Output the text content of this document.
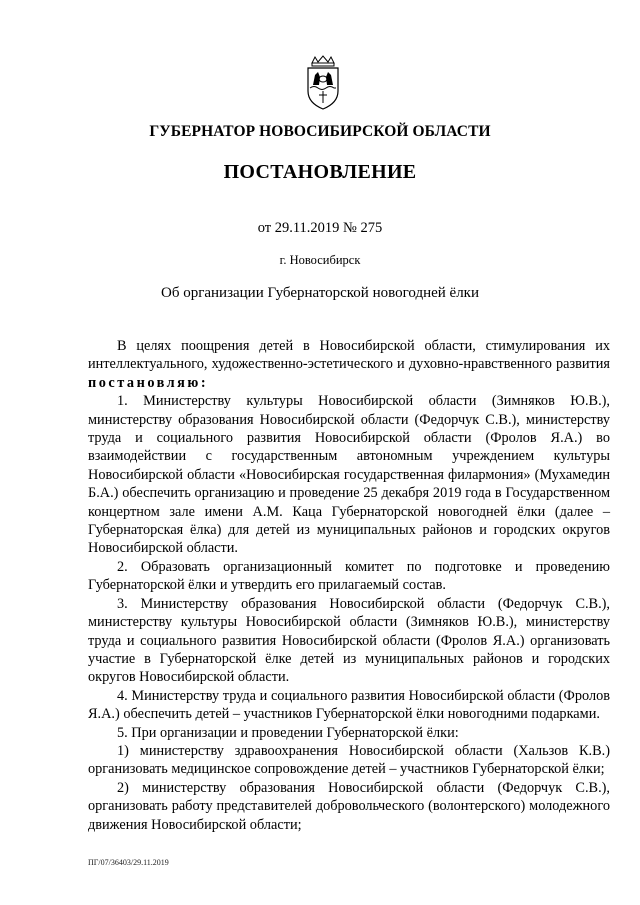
ГУБЕРНАТОР НОВОСИБИРСКОЙ ОБЛАСТИ
ПОСТАНОВЛЕНИЕ
от 29.11.2019 № 275
г. Новосибирск
Об организации Губернаторской новогодней ёлки

В целях поощрения детей в Новосибирской области, стимулирования их интеллектуального, художественно-эстетического и духовно-нравственного развития постановляю:

1. Министерству культуры Новосибирской области (Зимняков Ю.В.), министерству образования Новосибирской области (Федорчук С.В.), министерству труда и социального развития Новосибирской области (Фролов Я.А.) во взаимодействии с государственным автономным учреждением культуры Новосибирской области «Новосибирская государственная филармония» (Мухамедин Б.А.) обеспечить организацию и проведение 25 декабря 2019 года в Государственном концертном зале имени А.М. Каца Губернаторской новогодней ёлки (далее – Губернаторская ёлка) для детей из муниципальных районов и городских округов Новосибирской области.

2. Образовать организационный комитет по подготовке и проведению Губернаторской ёлки и утвердить его прилагаемый состав.

3. Министерству образования Новосибирской области (Федорчук С.В.), министерству культуры Новосибирской области (Зимняков Ю.В.), министерству труда и социального развития Новосибирской области (Фролов Я.А.) организовать участие в Губернаторской ёлке детей из муниципальных районов и городских округов Новосибирской области.

4. Министерству труда и социального развития Новосибирской области (Фролов Я.А.) обеспечить детей – участников Губернаторской ёлки новогодними подарками.

5. При организации и проведении Губернаторской ёлки:

1) министерству здравоохранения Новосибирской области (Хальзов К.В.) организовать медицинское сопровождение детей – участников Губернаторской ёлки;

2) министерству образования Новосибирской области (Федорчук С.В.), организовать работу представителей добровольческого (волонтерского) молодежного движения Новосибирской области;

ПГ/07/36403/29.11.2019
